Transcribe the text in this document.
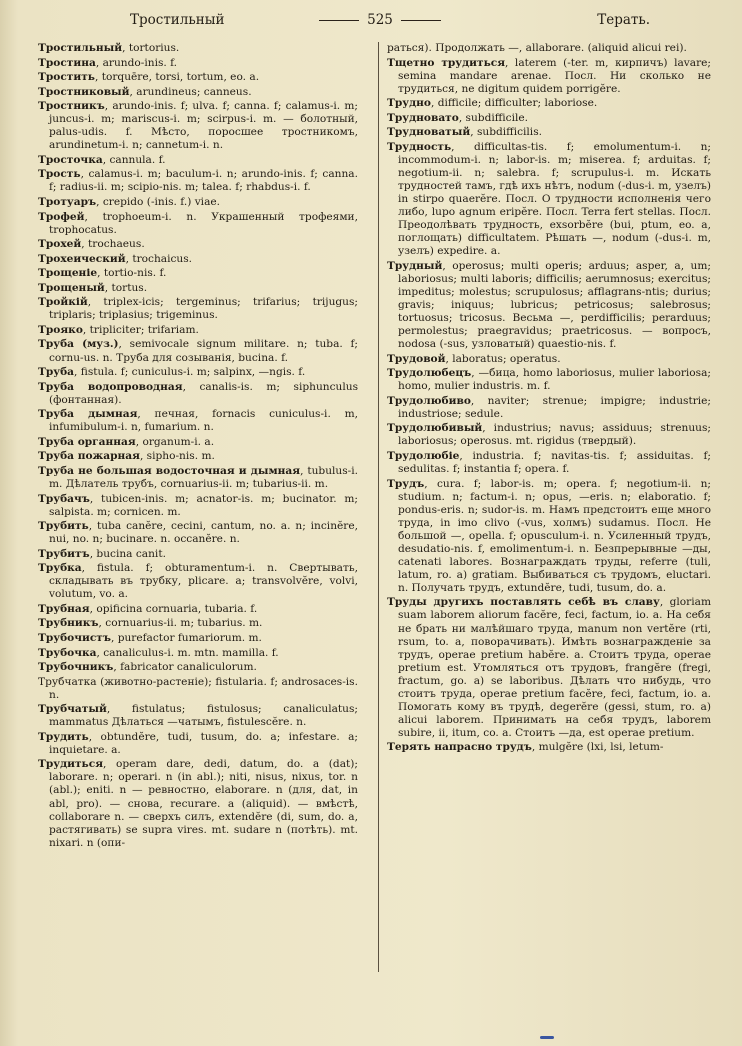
Тростильный	525	Терать.

Тростильный, tortorius.

Тростина, arundo-inis. f.

Тростить, torquēre, torsi, tortum, eo. a.

Тростниковый, arundineus; canneus.

Тростникъ, arundo-inis. f; ulva. f; canna. f; calamus-i. m; juncus-i. m; mariscus-i. m; scirpus-i. m. — болотный, palus-udis. f. Мѣсто, поросшее тростникомъ, arundinetum-i. n; cannetum-i. n.

Тросточка, cannula. f.

Трость, calamus-i. m; baculum-i. n; arundo-inis. f; canna. f; radius-ii. m; scipio-nis. m; talea. f; rhabdus-i. f.

Тротуаръ, crepido (-inis. f.) viae.

Трофей, trophoeum-i. n. Украшенный трофеями, trophocatus.

Трохей, trochaeus.

Трохеический, trochaicus.

Трощеніе, tortio-nis. f.

Трощеный, tortus.

Тройкій, triplex-icis; tergeminus; trifarius; trijugus; triplaris; triplasius; trigeminus.

Трояко, tripliciter; trifariam.

Труба (муз.), semivocale signum militare. n; tuba. f; cornu-us. n. Труба для созыванія, bucina. f.

Труба, fistula. f; cuniculus-i. m; salpinx, —ngis. f.

Труба водопроводная, canalis-is. m; siphunculus (фонтанная).

Труба дымная, печная, fornacis cuniculus-i. m, infumibulum-i. n, fumarium. n.

Труба органная, organum-i. a.

Труба пожарная, sipho-nis. m.

Труба не большая водосточная и дымная, tubulus-i. m. Дѣлатель трубъ, cornuarius-ii. m; tubarius-ii. m.

Трубачъ, tubicen-inis. m; acnator-is. m; bucinator. m; salpista. m; cornicen. m.

Трубить, tuba canĕre, cecini, cantum, no. a. n; incinĕre, nui, no. n; bucinare. n. occanĕre. n.

Трубитъ, bucina canit.

Трубка, fistula. f; obturamentum-i. n. Свертывать, складывать въ трубку, plicare. a; transvolvĕre, volvi, volutum, vo. a.

Трубная, opificina cornuaria, tubaria. f.

Трубникъ, cornuarius-ii. m; tubarius. m.

Трубочистъ, purefactor fumariorum. m.

Трубочка, canaliculus-i. m. mtn. mamilla. f.

Трубочникъ, fabricator canaliculorum.

Трубчатка (животно-растеніе); fistularia. f; androsaces-is. n.

Трубчатый, fistulatus; fistulosus; canaliculatus; mammatus Дѣлаться —чатымъ, fistulescĕre. n.

Трудить, obtundĕre, tudi, tusum, do. a; infestare. a; inquietare. a.

Трудиться, operam dare, dedi, datum, do. a (dat); laborare. n; operari. n (in abl.); niti, nisus, nixus, tor. n (abl.); eniti. n — ревностно, elaborare. n (для, dat, in abl, pro). — снова, recurare. a (aliquid). — вмѣстѣ, collaborare n. — сверхъ силъ, extendĕre (di, sum, do. a, растягивать) se supra vires. mt. sudare n (потѣть). mt. nixari. n (опи-

раться). Продолжать —, allaborare. (aliquid alicui rei).

Тщетно трудиться, laterem (-ter. m, кирпичъ) lavare; semina mandare arenae. Посл. Ни сколько не трудиться, ne digitum quidem porrigĕre.

Трудно, difficile; difficulter; laboriose.

Трудновато, subdifficile.

Трудноватый, subdifficilis.

Трудность, difficultas-tis. f; emolumentum-i. n; incommodum-i. n; labor-is. m; miserea. f; arduitas. f; negotium-ii. n; salebra. f; scrupulus-i. m. Искать трудностей тамъ, гдѣ ихъ нѣтъ, nodum (-dus-i. m, узелъ) in stirpo quaerĕre. Посл. О трудности исполненія чего либо, lupo agnum eripĕre. Посл. Terra fert stellas. Посл. Преодолѣвать трудность, exsorbĕre (bui, ptum, eo. a, поглощать) difficultatem. Рѣшать —, nodum (-dus-i. m, узелъ) expedire. a.

Трудный, operosus; multi operis; arduus; asper, a, um; laboriosus; multi laboris; difficilis; aerumnosus; exercitus; impeditus; molestus; scrupulosus; afflagrans-ntis; durius; gravis; iniquus; lubricus; petricosus; salebrosus; tortuosus; tricosus. Весьма —, perdifficilis; perarduus; permolestus; praegravidus; praetricosus. — вопросъ, nodosa (-sus, узловатый) quaestio-nis. f.

Трудовой, laboratus; operatus.

Трудолюбецъ, —бица, homo laboriosus, mulier laboriosa; homo, mulier industris. m. f.

Трудолюбиво, naviter; strenue; impigre; industrie; industriose; sedule.

Трудолюбивый, industrius; navus; assiduus; strenuus; laboriosus; operosus. mt. rigidus (твердый).

Трудолюбіе, industria. f; navitas-tis. f; assiduitas. f; sedulitas. f; instantia f; opera. f.

Трудъ, cura. f; labor-is. m; opera. f; negotium-ii. n; studium. n; factum-i. n; opus, —eris. n; elaboratio. f; pondus-eris. n; sudor-is. m. Намъ предстоитъ еще много труда, in imo clivo (-vus, холмъ) sudamus. Посл. Не большой —, opella. f; opusculum-i. n. Усиленный трудъ, desudatio-nis. f, emolimentum-i. n. Безпрерывные —ды, catenati labores. Вознаграждать труды, referre (tuli, latum, ro. a) gratiam. Выбиваться съ трудомъ, eluctari. n. Получать трудъ, extundĕre, tudi, tusum, do. a.

Труды другихъ поставлять себѣ въ славу, gloriam suam laborem aliorum facĕre, feci, factum, io. a. На себя не брать ни малѣйшаго труда, manum non vertĕre (rti, rsum, to. a, поворачивать). Имѣть вознагражденіе за трудъ, operae pretium habĕre. a. Стоитъ труда, operae pretium est. Утомляться отъ трудовъ, frangĕre (fregi, fractum, go. a) se laboribus. Дѣлать что нибудь, что стоитъ труда, operae pretium facĕre, feci, factum, io. a. Помогать кому въ трудѣ, degerĕre (gessi, stum, ro. a) alicui laborem. Принимать на себя трудъ, laborem subire, ii, itum, co. a. Стоитъ —да, est operae pretium.

Терять напрасно трудъ, mulgĕre (lxi, lsi, letum-
